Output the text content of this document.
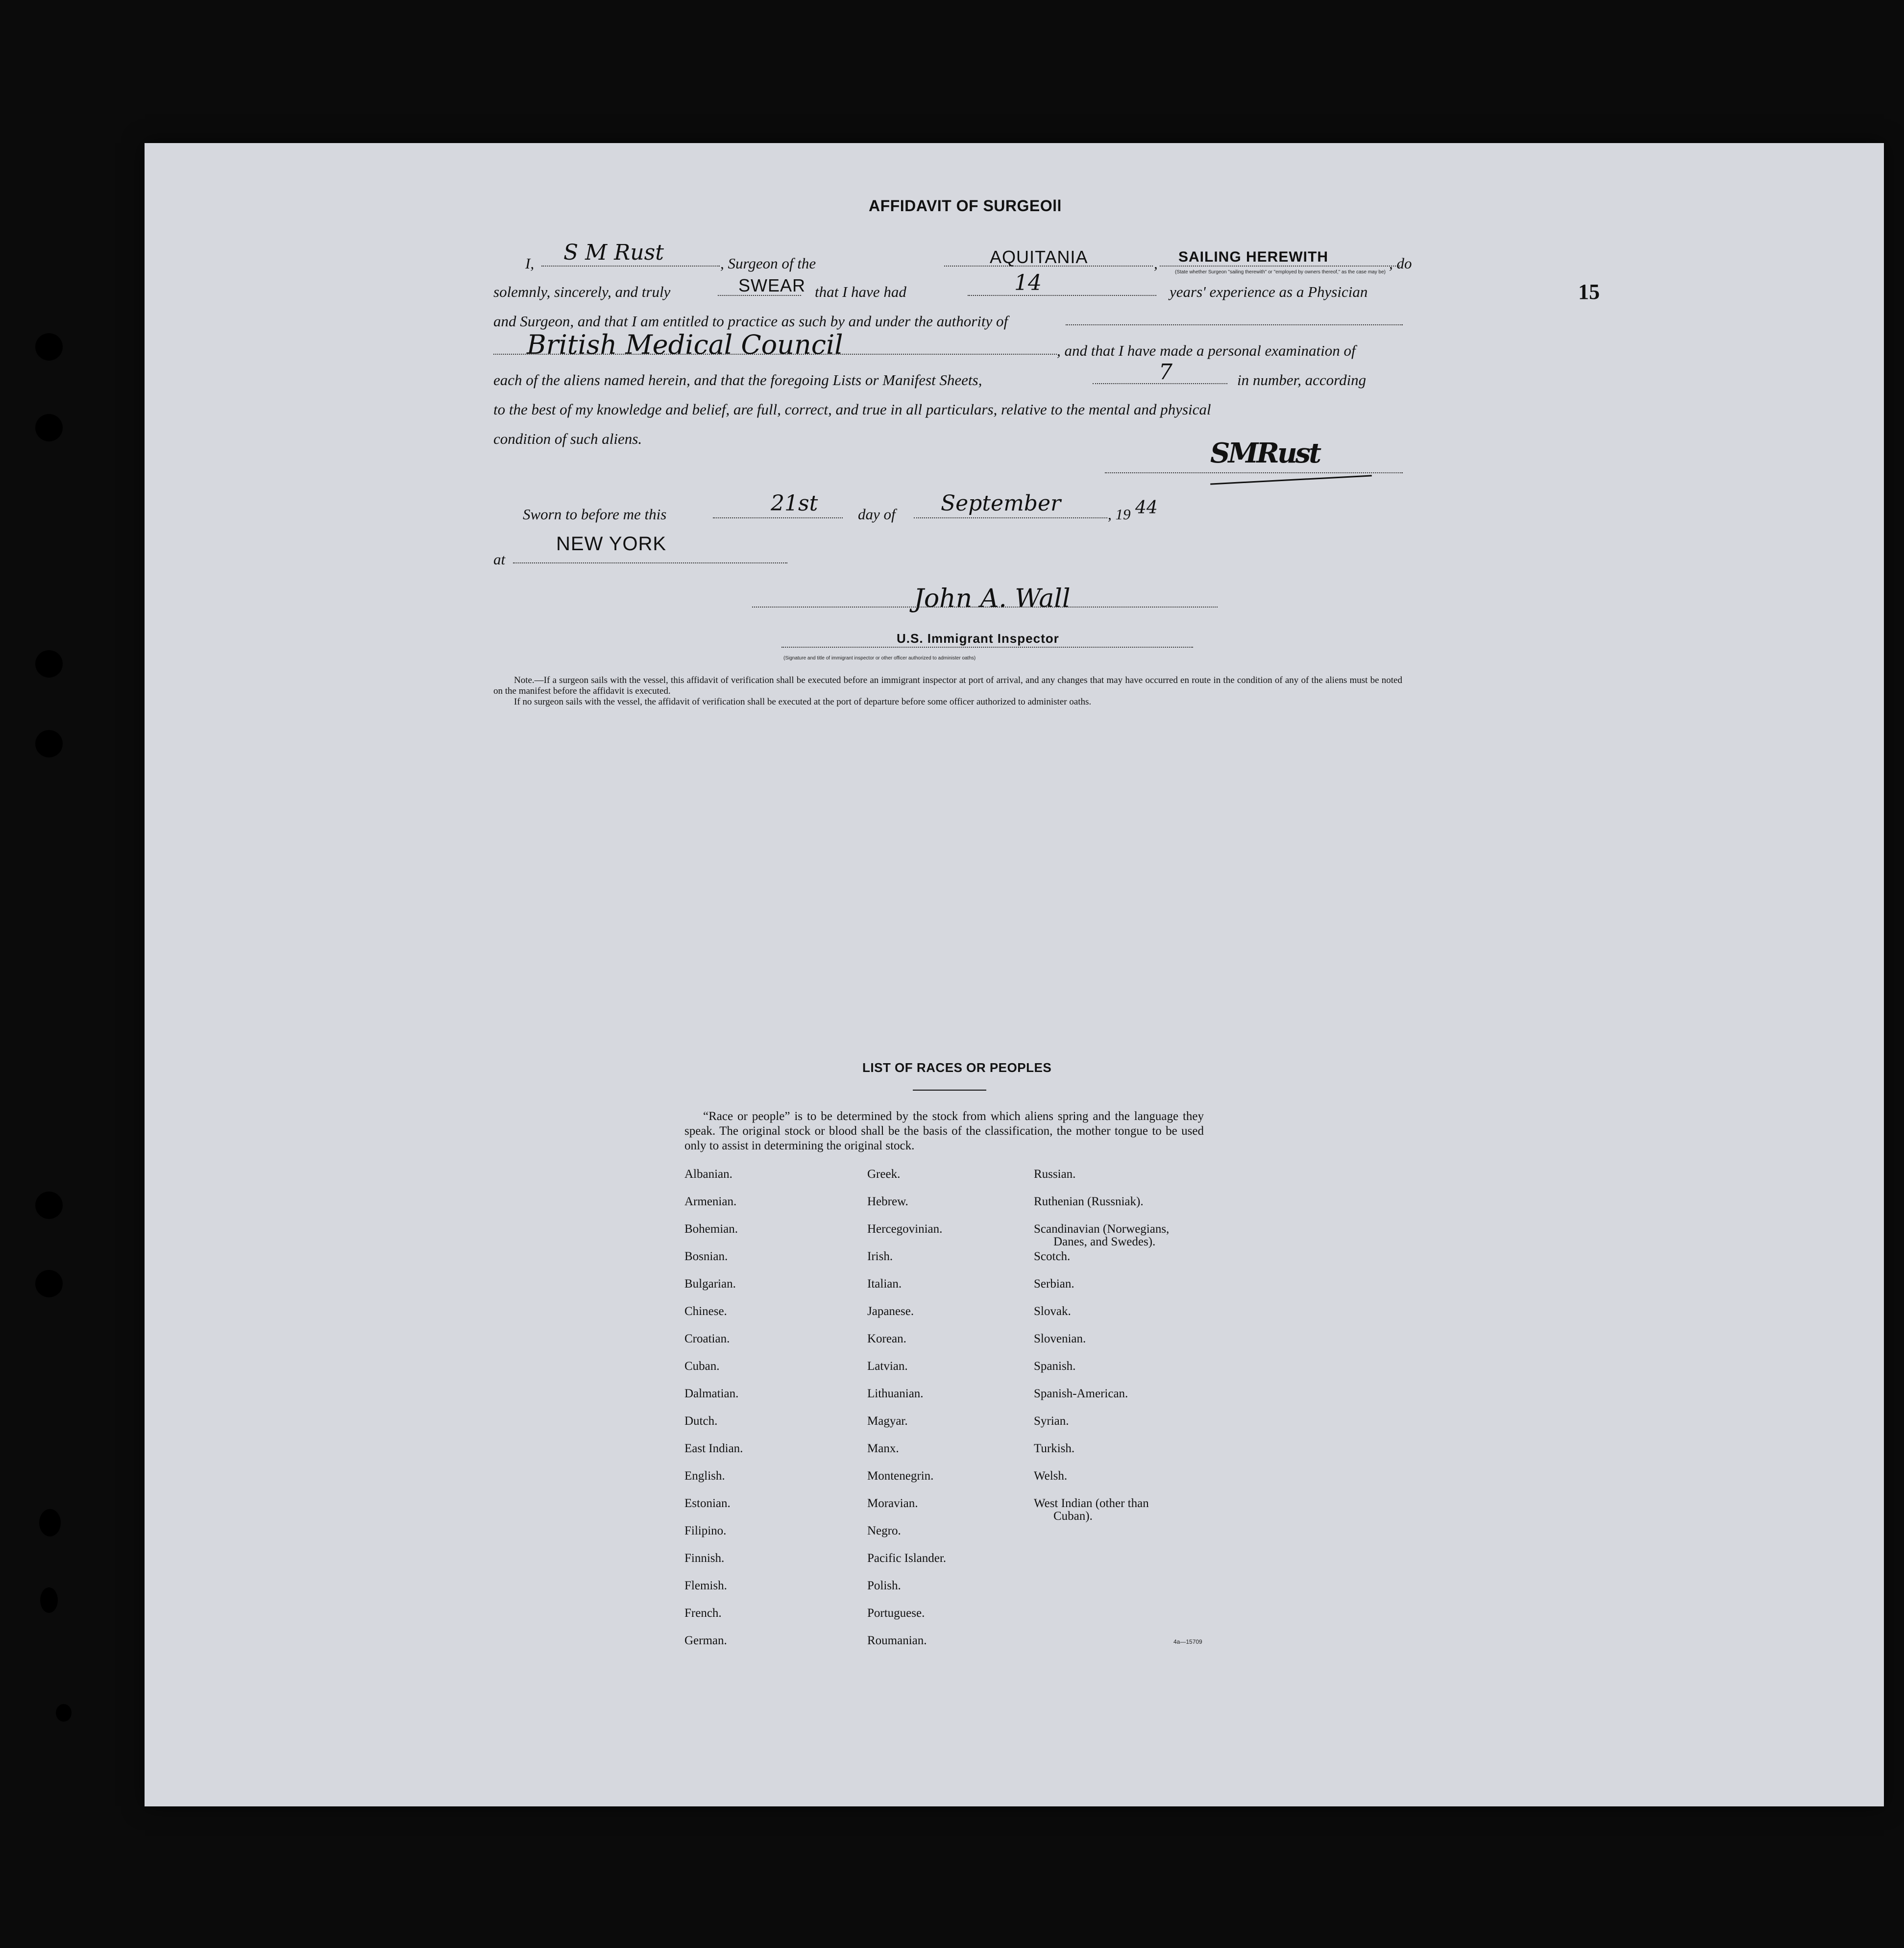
15
AFFIDAVIT OF SURGEOll
I, S M Rust	, Surgeon of the	AQUITANIA	, SAILING HEREWITH	, do
(State whether Surgeon "sailing therewith" or "employed by owners thereof," as the case may be)
solemnly, sincerely, and truly	SWEAR that I have had	14	years' experience as a Physician
and Surgeon, and that I am entitled to practice as such by and under the authority of
British Medical Council	, and that I have made a personal examination of
each of the aliens named herein, and that the foregoing Lists or Manifest Sheets,	7	in number, according
to the best of my knowledge and belief, are full, correct, and true in all particulars, relative to the mental and physical
condition of such aliens.	SMRust
Sworn to before me this	21st	day of September	, 19 44
at
NEW YORK
John A. Wall
U.S. Immigrant Inspector
(Signature and title of immigrant inspector or other officer authorized to administer oaths)
Note.—If a surgeon sails with the vessel, this affidavit of verification shall be executed before an immigrant inspector at port of arrival, and any changes that may have occurred en route in the condition of any of the aliens must be noted on the manifest before the affidavit is executed.
If no surgeon sails with the vessel, the affidavit of verification shall be executed at the port of departure before some officer authorized to administer oaths.
LIST OF RACES OR PEOPLES
“Race or people” is to be determined by the stock from which aliens spring and the language they speak. The original stock or blood shall be the basis of the classification, the mother tongue to be used only to assist in determining the original stock.
Albanian.
Armenian.
Bohemian.
Bosnian.
Bulgarian.
Chinese.
Croatian.
Cuban.
Dalmatian.
Dutch.
East Indian.
English.
Estonian.
Filipino.
Finnish.
Flemish.
French.
German.
Greek.
Hebrew.
Hercegovinian.
Irish.
Italian.
Japanese.
Korean.
Latvian.
Lithuanian.
Magyar.
Manx.
Montenegrin.
Moravian.
Negro.
Pacific Islander.
Polish.
Portuguese.
Roumanian.
Russian.
Ruthenian (Russniak).
Scandinavian (Norwegians,
Danes, and Swedes).
Scotch.
Serbian.
Slovak.
Slovenian.
Spanish.
Spanish-American.
Syrian.
Turkish.
Welsh.
West Indian (other than
Cuban).
4a—15709
